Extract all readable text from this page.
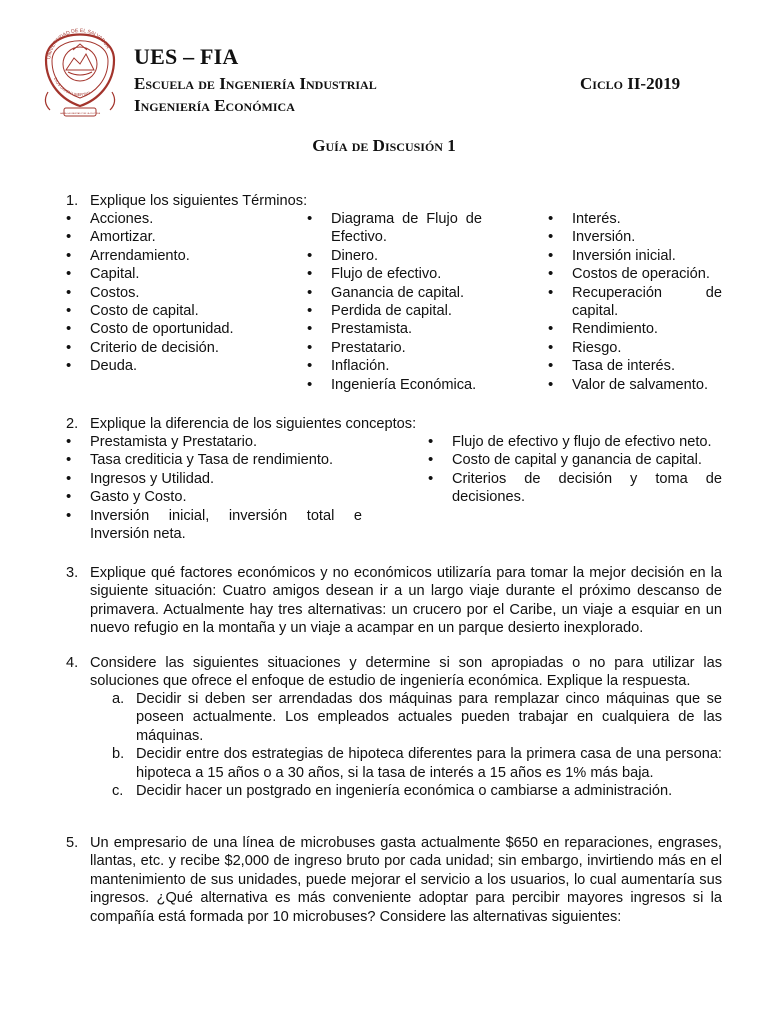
UNIVERSIDAD DE EL SALVADOR
DIOS UNION LIBERTAD
HACIA LA LIBERTAD POR LA CULTURA
UES – FIA
Escuela de Ingeniería Industrial
Ingeniería Económica
Ciclo II-2019
Guía de Discusión 1
1. Explique los siguientes Términos:
• Acciones.
• Amortizar.
• Arrendamiento.
• Capital.
• Costos.
• Costo de capital.
• Costo de oportunidad.
• Criterio de decisión.
• Deuda.
• Diagrama de Flujo de Efectivo.
• Dinero.
• Flujo de efectivo.
• Ganancia de capital.
• Perdida de capital.
• Prestamista.
• Prestatario.
• Inflación.
• Ingeniería Económica.
• Interés.
• Inversión.
• Inversión inicial.
• Costos de operación.
• Recuperación	de
capital.
• Rendimiento.
• Riesgo.
• Tasa de interés.
• Valor de salvamento.
2. Explique la diferencia de los siguientes conceptos:
• Prestamista y Prestatario.
• Tasa crediticia y Tasa de rendimiento.
• Ingresos y Utilidad.
• Gasto y Costo.
• Inversión inicial, inversión total e Inversión neta.
• Flujo de efectivo y flujo de efectivo neto.
• Costo de capital y ganancia de capital.
• Criterios de decisión y toma de decisiones.
3. Explique qué factores económicos y no económicos utilizaría para tomar la mejor decisión en la siguiente situación: Cuatro amigos desean ir a un largo viaje durante el próximo descanso de primavera. Actualmente hay tres alternativas: un crucero por el Caribe, un viaje a esquiar en un nuevo refugio en la montaña y un viaje a acampar en un parque desierto inexplorado.
4. Considere las siguientes situaciones y determine si son apropiadas o no para utilizar las soluciones que ofrece el enfoque de estudio de ingeniería económica. Explique la respuesta.
a. Decidir si deben ser arrendadas dos máquinas para remplazar cinco máquinas que se poseen actualmente. Los empleados actuales pueden trabajar en cualquiera de las máquinas.
b. Decidir entre dos estrategias de hipoteca diferentes para la primera casa de una persona: hipoteca a 15 años o a 30 años, si la tasa de interés a 15 años es 1% más baja.
c. Decidir hacer un postgrado en ingeniería económica o cambiarse a administración.
5. Un empresario de una línea de microbuses gasta actualmente $650 en reparaciones, engrases, llantas, etc. y recibe $2,000 de ingreso bruto por cada unidad; sin embargo, invirtiendo más en el mantenimiento de sus unidades, puede mejorar el servicio a los usuarios, lo cual aumentaría sus ingresos. ¿Qué alternativa es más conveniente adoptar para percibir mayores ingresos si la compañía está formada por 10 microbuses? Considere las alternativas siguientes:
